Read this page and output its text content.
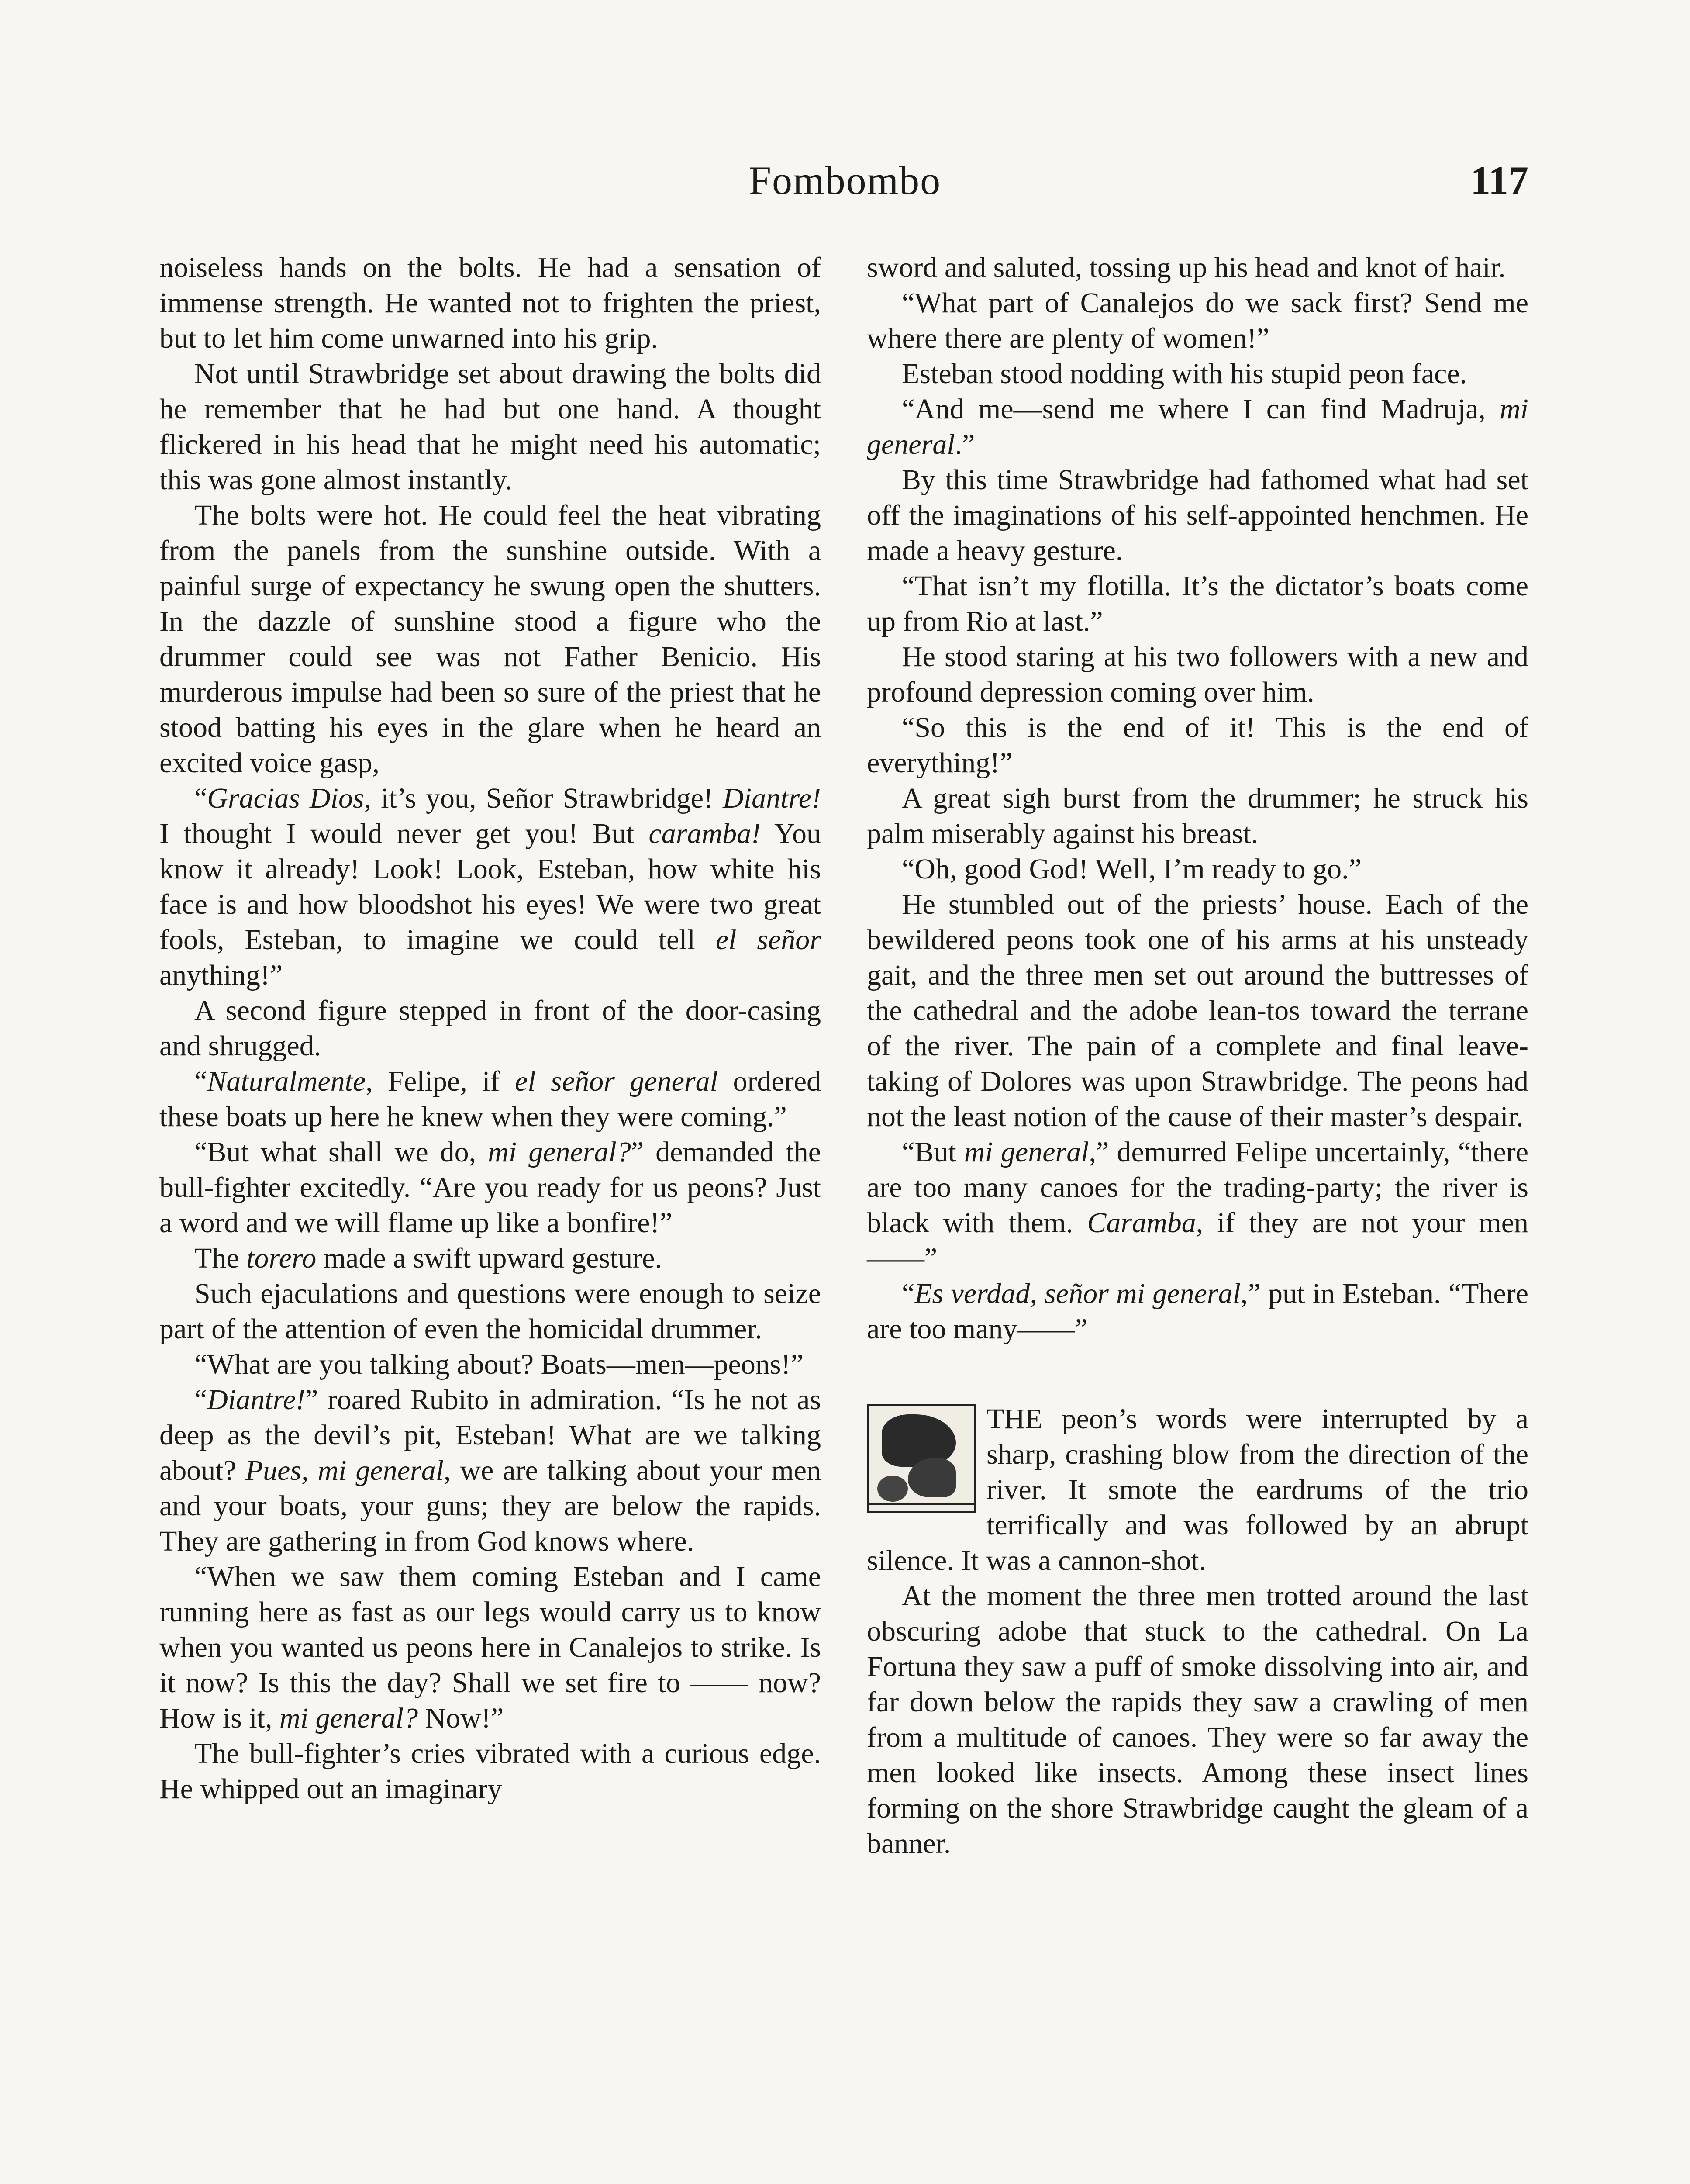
Fombombo	117

noiseless hands on the bolts. He had a sensation of immense strength. He wanted not to frighten the priest, but to let him come unwarned into his grip.

Not until Strawbridge set about drawing the bolts did he remember that he had but one hand. A thought flickered in his head that he might need his automatic; this was gone almost instantly.

The bolts were hot. He could feel the heat vibrating from the panels from the sunshine outside. With a painful surge of expectancy he swung open the shutters. In the dazzle of sunshine stood a figure who the drummer could see was not Father Benicio. His murderous impulse had been so sure of the priest that he stood batting his eyes in the glare when he heard an excited voice gasp,

“Gracias Dios, it’s you, Señor Strawbridge! Diantre! I thought I would never get you! But caramba! You know it already! Look! Look, Esteban, how white his face is and how bloodshot his eyes! We were two great fools, Esteban, to imagine we could tell el señor anything!”

A second figure stepped in front of the door-casing and shrugged.

“Naturalmente, Felipe, if el señor general ordered these boats up here he knew when they were coming.”

“But what shall we do, mi general?” demanded the bull-fighter excitedly. “Are you ready for us peons? Just a word and we will flame up like a bonfire!”

The torero made a swift upward gesture.

Such ejaculations and questions were enough to seize part of the attention of even the homicidal drummer.

“What are you talking about? Boats—men—peons!”

“Diantre!” roared Rubito in admiration. “Is he not as deep as the devil’s pit, Esteban! What are we talking about? Pues, mi general, we are talking about your men and your boats, your guns; they are below the rapids. They are gathering in from God knows where.

“When we saw them coming Esteban and I came running here as fast as our legs would carry us to know when you wanted us peons here in Canalejos to strike. Is it now? Is this the day? Shall we set fire to —— now? How is it, mi general? Now!”

The bull-fighter’s cries vibrated with a curious edge. He whipped out an imaginary

sword and saluted, tossing up his head and knot of hair.

“What part of Canalejos do we sack first? Send me where there are plenty of women!”

Esteban stood nodding with his stupid peon face.

“And me—send me where I can find Madruja, mi general.”

By this time Strawbridge had fathomed what had set off the imaginations of his self-appointed henchmen. He made a heavy gesture.

“That isn’t my flotilla. It’s the dictator’s boats come up from Rio at last.”

He stood staring at his two followers with a new and profound depression coming over him.

“So this is the end of it! This is the end of everything!”

A great sigh burst from the drummer; he struck his palm miserably against his breast.

“Oh, good God! Well, I’m ready to go.”

He stumbled out of the priests’ house. Each of the bewildered peons took one of his arms at his unsteady gait, and the three men set out around the buttresses of the cathedral and the adobe lean-tos toward the terrane of the river. The pain of a complete and final leave-taking of Dolores was upon Strawbridge. The peons had not the least notion of the cause of their master’s despair.

“But mi general,” demurred Felipe uncertainly, “there are too many canoes for the trading-party; the river is black with them. Caramba, if they are not your men——”

“Es verdad, señor mi general,” put in Esteban. “There are too many——”

THE peon’s words were interrupted by a sharp, crashing blow from the direction of the river. It smote the eardrums of the trio terrifically and was followed by an abrupt silence. It was a cannon-shot.

At the moment the three men trotted around the last obscuring adobe that stuck to the cathedral. On La Fortuna they saw a puff of smoke dissolving into air, and far down below the rapids they saw a crawling of men from a multitude of canoes. They were so far away the men looked like insects. Among these insect lines forming on the shore Strawbridge caught the gleam of a banner.
